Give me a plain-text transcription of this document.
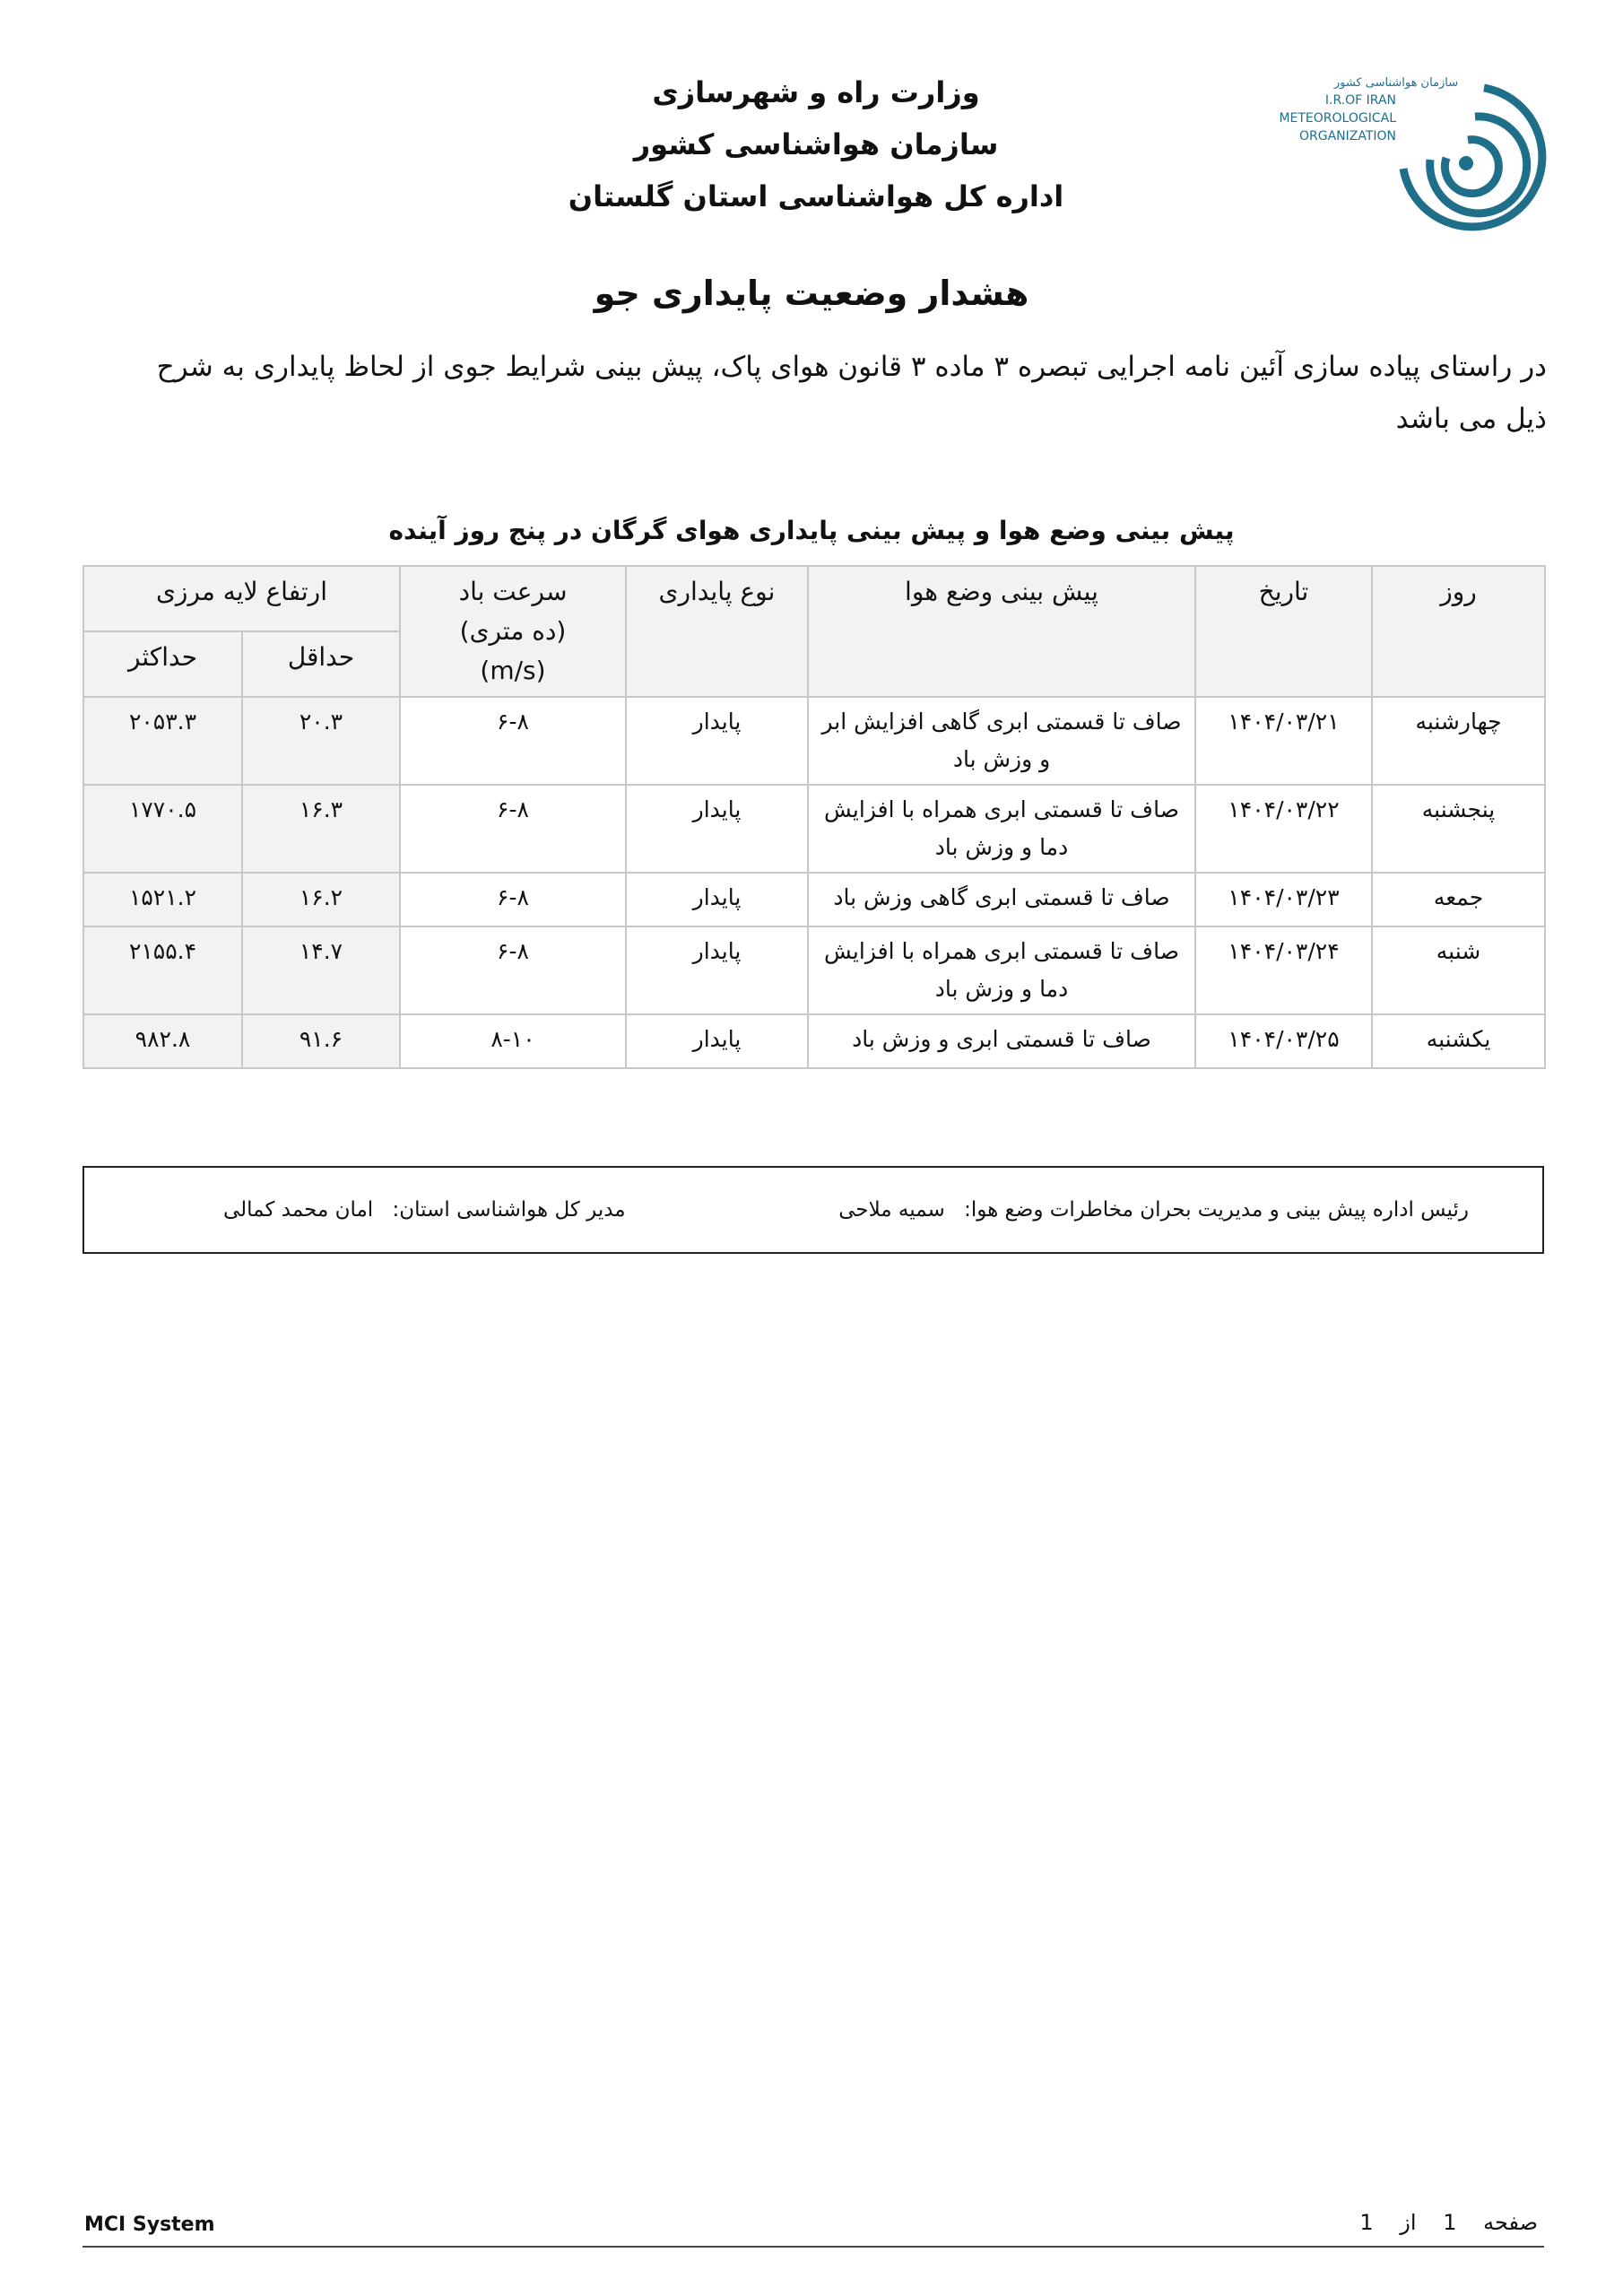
وزارت راه و شهرسازی
سازمان هواشناسی کشور
اداره کل هواشناسی استان گلستان
سازمان هواشناسی کشور
I.R.OF IRAN
METEOROLOGICAL
ORGANIZATION
هشدار وضعیت پایداری جو
در راستای پیاده سازی آئین نامه اجرایی تبصره ۳ ماده ۳ قانون هوای پاک، پیش بینی شرایط جوی از لحاظ پایداری به شرح ذیل می باشد
پیش بینی وضع هوا و پیش بینی پایداری هوای گرگان در پنج روز آینده
روز	تاریخ	پیش بینی وضع هوا	نوع پایداری	سرعت باد
(ده متری)
(m/s)	ارتفاع لایه مرزی	
					حداقل	حداکثر
چهارشنبه	۱۴۰۴/۰۳/۲۱	صاف تا قسمتی ابری گاهی افزایش ابر و وزش باد	پایدار	۶-۸	۲۰.۳	۲۰۵۳.۳
پنجشنبه	۱۴۰۴/۰۳/۲۲	صاف تا قسمتی ابری همراه با افزایش دما و وزش باد	پایدار	۶-۸	۱۶.۳	۱۷۷۰.۵
جمعه	۱۴۰۴/۰۳/۲۳	صاف تا قسمتی ابری گاهی وزش باد	پایدار	۶-۸	۱۶.۲	۱۵۲۱.۲
شنبه	۱۴۰۴/۰۳/۲۴	صاف تا قسمتی ابری همراه با افزایش دما و وزش باد	پایدار	۶-۸	۱۴.۷	۲۱۵۵.۴
یکشنبه	۱۴۰۴/۰۳/۲۵	صاف تا قسمتی ابری و وزش باد	پایدار	۸-۱۰	۹۱.۶	۹۸۲.۸
رئیس اداره پیش بینی و مدیریت بحران مخاطرات وضع هوا: سمیه ملاحی
مدیر کل هواشناسی استان: امان محمد کمالی
MCI System	صفحه 1 از 1
